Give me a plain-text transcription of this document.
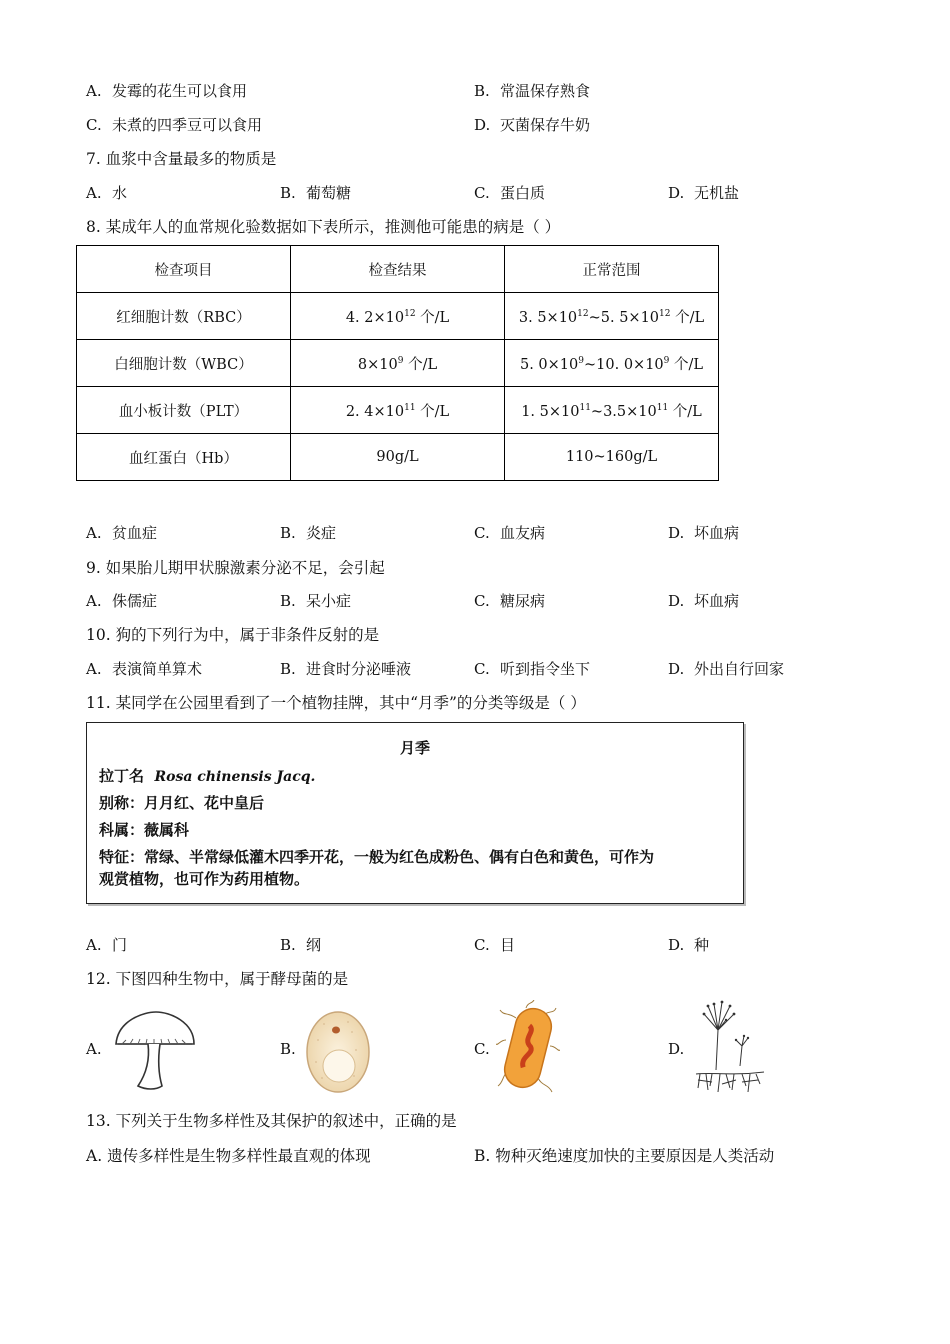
A. 发霉的花生可以食用	B. 常温保存熟食
C. 未煮的四季豆可以食用	D. 灭菌保存牛奶
7. 血浆中含量最多的物质是
A. 水	B. 葡萄糖	C. 蛋白质	D. 无机盐
8. 某成年人的血常规化验数据如下表所示，推测他可能患的病是（ ）
检查项目	检查结果	正常范围
红细胞计数（RBC）	4. $2\times 10^{12}$ 个/L	3. $5\times 10^{12}\sim 5$. $5\times 10^{12}$ 个/L
白细胞计数（WBC）	$8\times 10^9$ 个/L	5. $0\times 10^9\sim 10$. $0\times 10^9$ 个/L
血小板计数（PLT）	2. $4\times 10^{11}$ 个/L	1. $5\times 10^{11}\sim 3.5\times 10^{11}$ 个/L
血红蛋白（Hb）	90g/L	110~160g/L
A. 贫血症	B. 炎症	C. 血友病	D. 坏血病
9. 如果胎儿期甲状腺激素分泌不足，会引起
A. 侏儒症	B. 呆小症	C. 糖尿病	D. 坏血病
10. 狗的下列行为中，属于非条件反射的是
A. 表演简单算术	B. 进食时分泌唾液	C. 听到指令坐下	D. 外出自行回家
11. 某同学在公园里看到了一个植物挂牌，其中“月季”的分类等级是（ ）
月季
拉丁名 Rosa chinensis Jacq.
别称：月月红、花中皇后
科属：薇属科
特征：常绿、半常绿低灌木四季开花，一般为红色成粉色、偶有白色和黄色，可作为
观赏植物，也可作为药用植物。
A. 门	B. 纲	C. 目	D. 种
12. 下图四种生物中，属于酵母菌的是
A.	B.	C.	D.
13. 下列关于生物多样性及其保护的叙述中，正确的是
A. 遗传多样性是生物多样性最直观的体现	B. 物种灭绝速度加快的主要原因是人类活动
